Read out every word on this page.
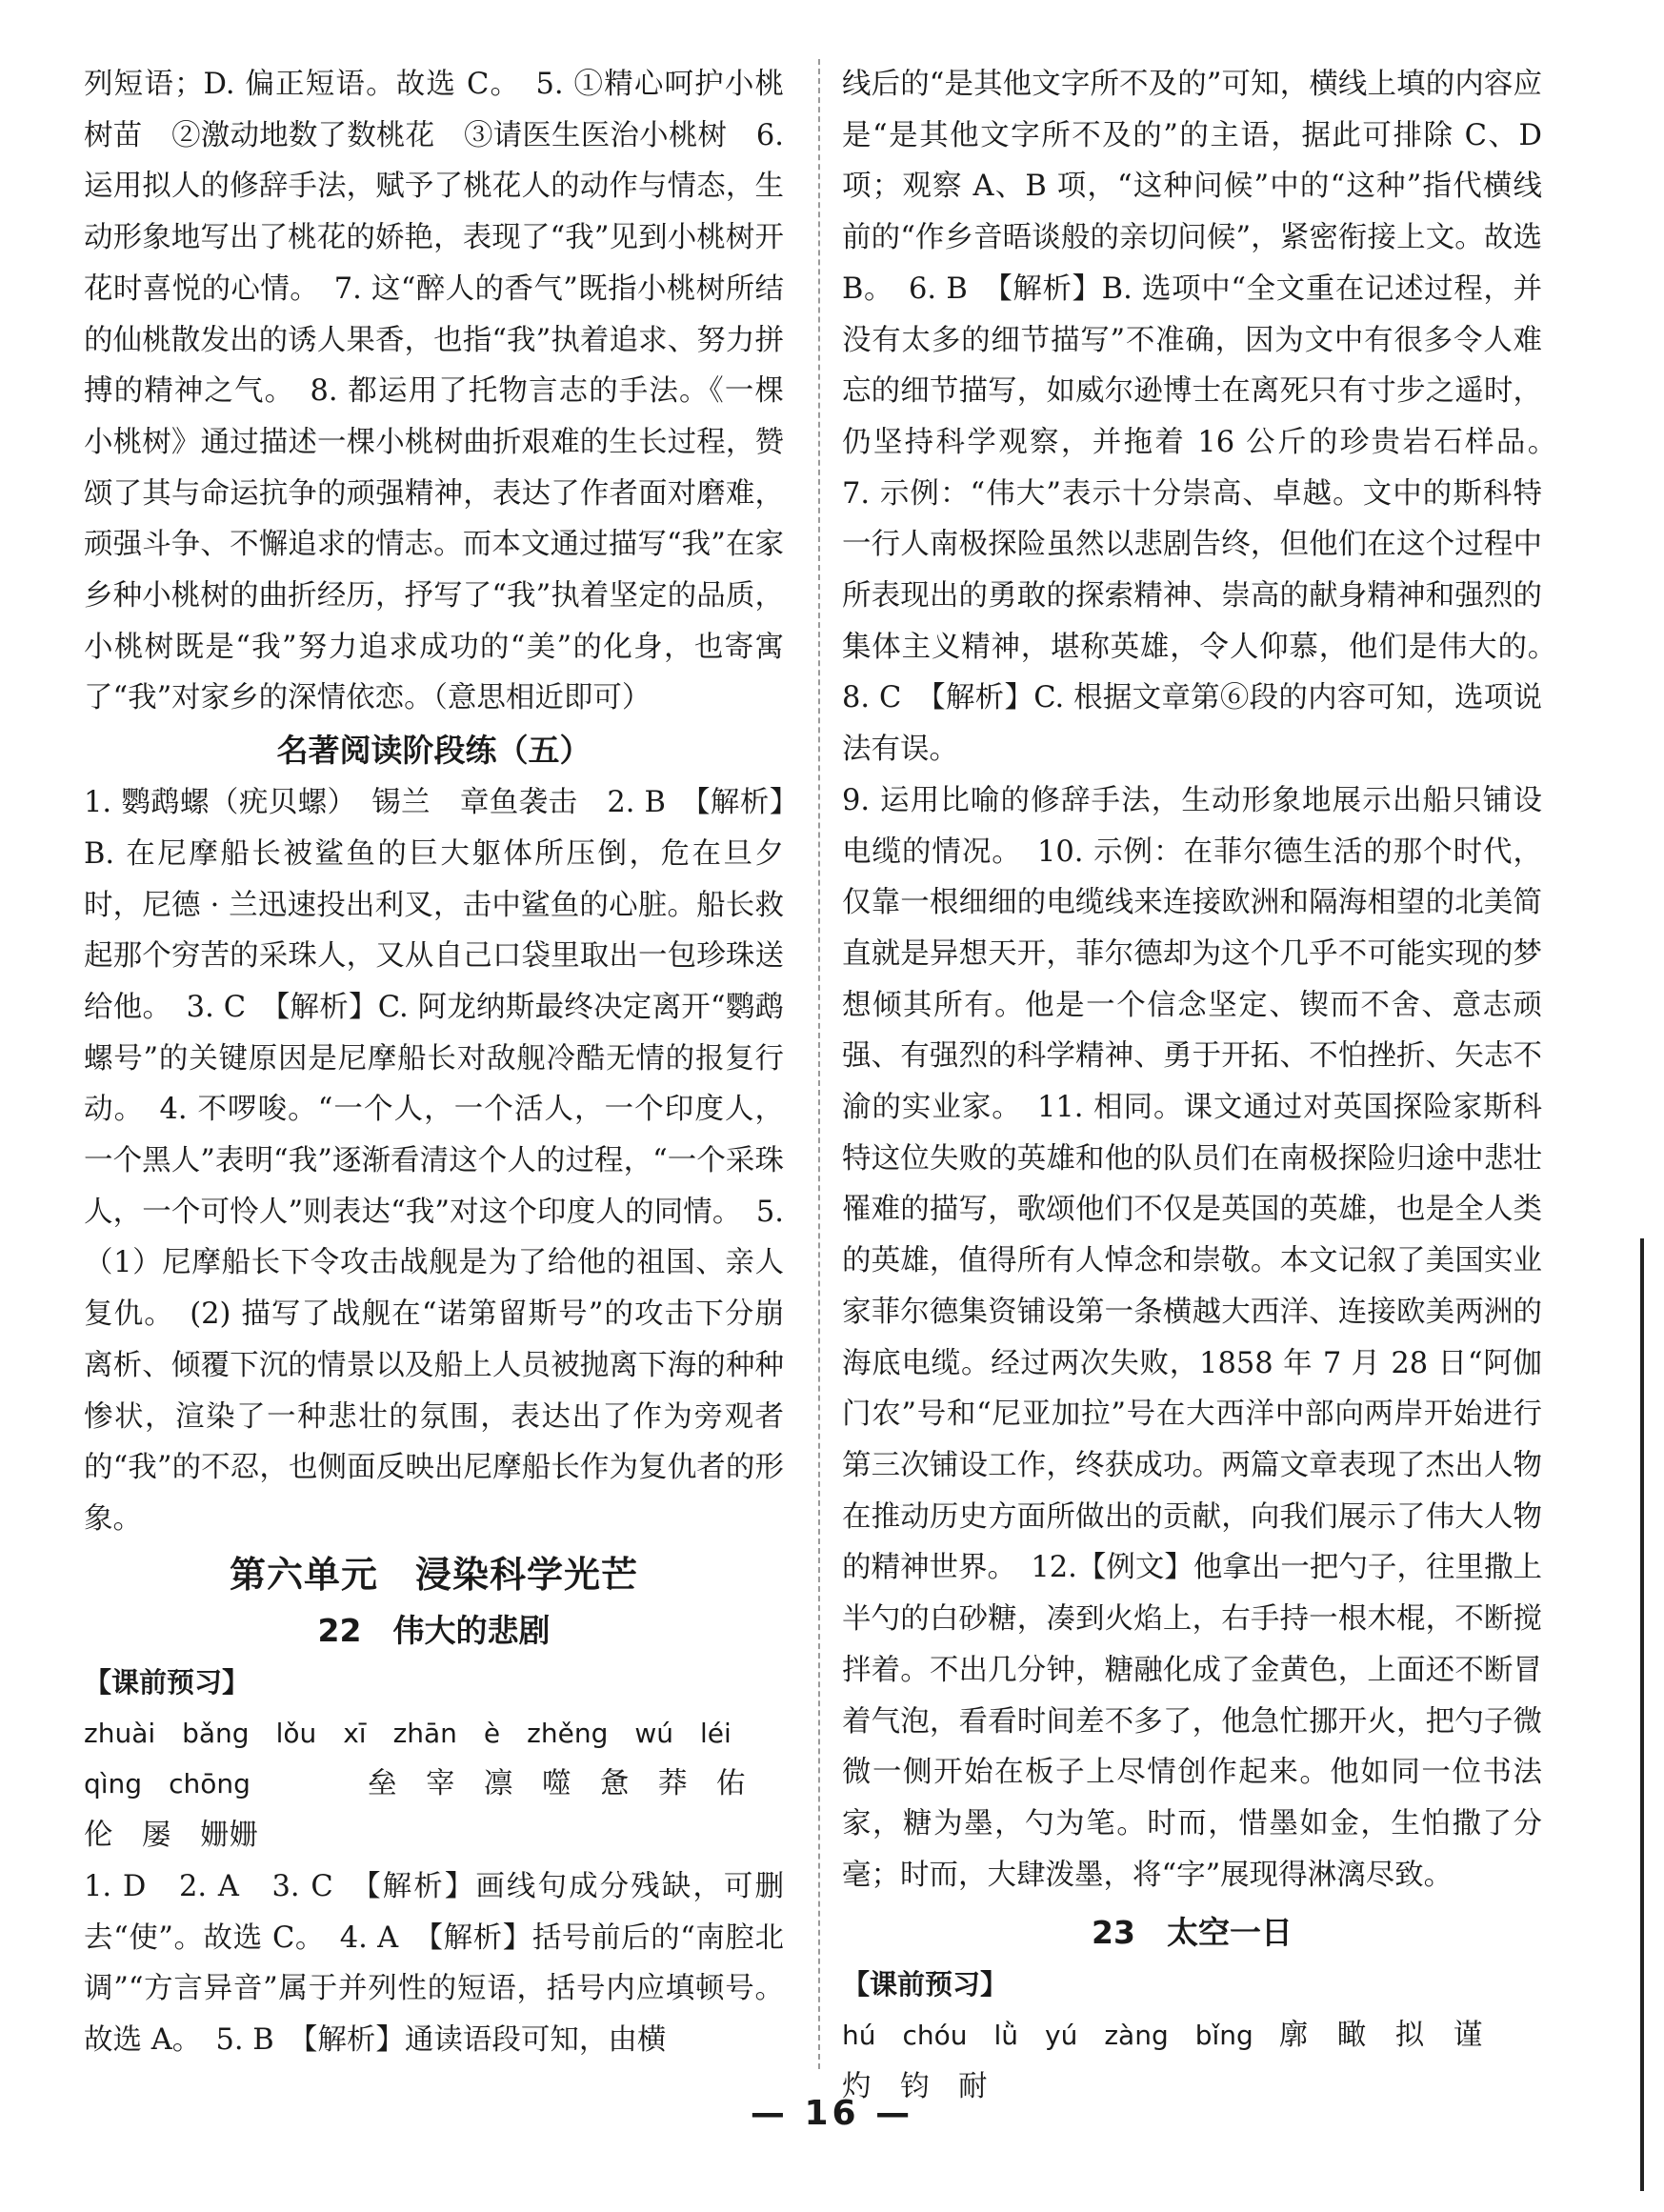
列短语；D. 偏正短语。故选 C。　5. ①精心呵护小桃树苗　②激动地数了数桃花　③请医生医治小桃树　6. 运用拟人的修辞手法，赋予了桃花人的动作与情态，生动形象地写出了桃花的娇艳，表现了“我”见到小桃树开花时喜悦的心情。　7. 这“醉人的香气”既指小桃树所结的仙桃散发出的诱人果香，也指“我”执着追求、努力拼搏的精神之气。　8. 都运用了托物言志的手法。《一棵小桃树》通过描述一棵小桃树曲折艰难的生长过程，赞颂了其与命运抗争的顽强精神，表达了作者面对磨难，顽强斗争、不懈追求的情志。而本文通过描写“我”在家乡种小桃树的曲折经历，抒写了“我”执着坚定的品质，小桃树既是“我”努力追求成功的“美”的化身，也寄寓了“我”对家乡的深情依恋。（意思相近即可）

名著阅读阶段练（五）

1. 鹦鹉螺（疣贝螺）　锡兰　章鱼袭击　2. B　【解析】B. 在尼摩船长被鲨鱼的巨大躯体所压倒，危在旦夕时，尼德 · 兰迅速投出利叉，击中鲨鱼的心脏。船长救起那个穷苦的采珠人，又从自己口袋里取出一包珍珠送给他。　3. C　【解析】C. 阿龙纳斯最终决定离开“鹦鹉螺号”的关键原因是尼摩船长对敌舰冷酷无情的报复行动。　4. 不啰唆。“一个人，一个活人，一个印度人，一个黑人”表明“我”逐渐看清这个人的过程，“一个采珠人，一个可怜人”则表达“我”对这个印度人的同情。　5.（1）尼摩船长下令攻击战舰是为了给他的祖国、亲人复仇。　(2) 描写了战舰在“诺第留斯号”的攻击下分崩离析、倾覆下沉的情景以及船上人员被抛离下海的种种惨状，渲染了一种悲壮的氛围，表达出了作为旁观者的“我”的不忍，也侧面反映出尼摩船长作为复仇者的形象。

第六单元　浸染科学光芒

22　伟大的悲剧

【课前预习】

zhuài　bǎng　lǒu　xī　zhān　è　zhěng　wú　léi　qìng　chōng	垒　宰　凛　噬　惫　莽　佑

伦　屡　姗姗

1. D　2. A　3. C　【解析】画线句成分残缺，可删去“使”。故选 C。　4. A　【解析】括号前后的“南腔北调”“方言异音”属于并列性的短语，括号内应填顿号。故选 A。　5. B　【解析】通读语段可知，由横

线后的“是其他文字所不及的”可知，横线上填的内容应是“是其他文字所不及的”的主语，据此可排除 C、D 项；观察 A、B 项，“这种问候”中的“这种”指代横线前的“作乡音晤谈般的亲切问候”，紧密衔接上文。故选 B。　6. B　【解析】B. 选项中“全文重在记述过程，并没有太多的细节描写”不准确，因为文中有很多令人难忘的细节描写，如威尔逊博士在离死只有寸步之遥时，仍坚持科学观察，并拖着 16 公斤的珍贵岩石样品。　7. 示例：“伟大”表示十分崇高、卓越。文中的斯科特一行人南极探险虽然以悲剧告终，但他们在这个过程中所表现出的勇敢的探索精神、崇高的献身精神和强烈的集体主义精神，堪称英雄，令人仰慕，他们是伟大的。　8. C　【解析】C. 根据文章第⑥段的内容可知，选项说法有误。

9. 运用比喻的修辞手法，生动形象地展示出船只铺设电缆的情况。　10. 示例：在菲尔德生活的那个时代，仅靠一根细细的电缆线来连接欧洲和隔海相望的北美简直就是异想天开，菲尔德却为这个几乎不可能实现的梦想倾其所有。他是一个信念坚定、锲而不舍、意志顽强、有强烈的科学精神、勇于开拓、不怕挫折、矢志不渝的实业家。　11. 相同。课文通过对英国探险家斯科特这位失败的英雄和他的队员们在南极探险归途中悲壮罹难的描写，歌颂他们不仅是英国的英雄，也是全人类的英雄，值得所有人悼念和崇敬。本文记叙了美国实业家菲尔德集资铺设第一条横越大西洋、连接欧美两洲的海底电缆。经过两次失败，1858 年 7 月 28 日“阿伽门农”号和“尼亚加拉”号在大西洋中部向两岸开始进行第三次铺设工作，终获成功。两篇文章表现了杰出人物在推动历史方面所做出的贡献，向我们展示了伟大人物的精神世界。　12.【例文】他拿出一把勺子，往里撒上半勺的白砂糖，凑到火焰上，右手持一根木棍，不断搅拌着。不出几分钟，糖融化成了金黄色，上面还不断冒着气泡，看看时间差不多了，他急忙挪开火，把勺子微微一侧开始在板子上尽情创作起来。他如同一位书法家，糖为墨，勺为笔。时而，惜墨如金，生怕撒了分毫；时而，大肆泼墨，将“字”展现得淋漓尽致。

23　太空一日

【课前预习】

hú　chóu　lǜ　yú　zàng　bǐng 廓　瞰　拟　谨

灼　钧　耐

— 16 —
